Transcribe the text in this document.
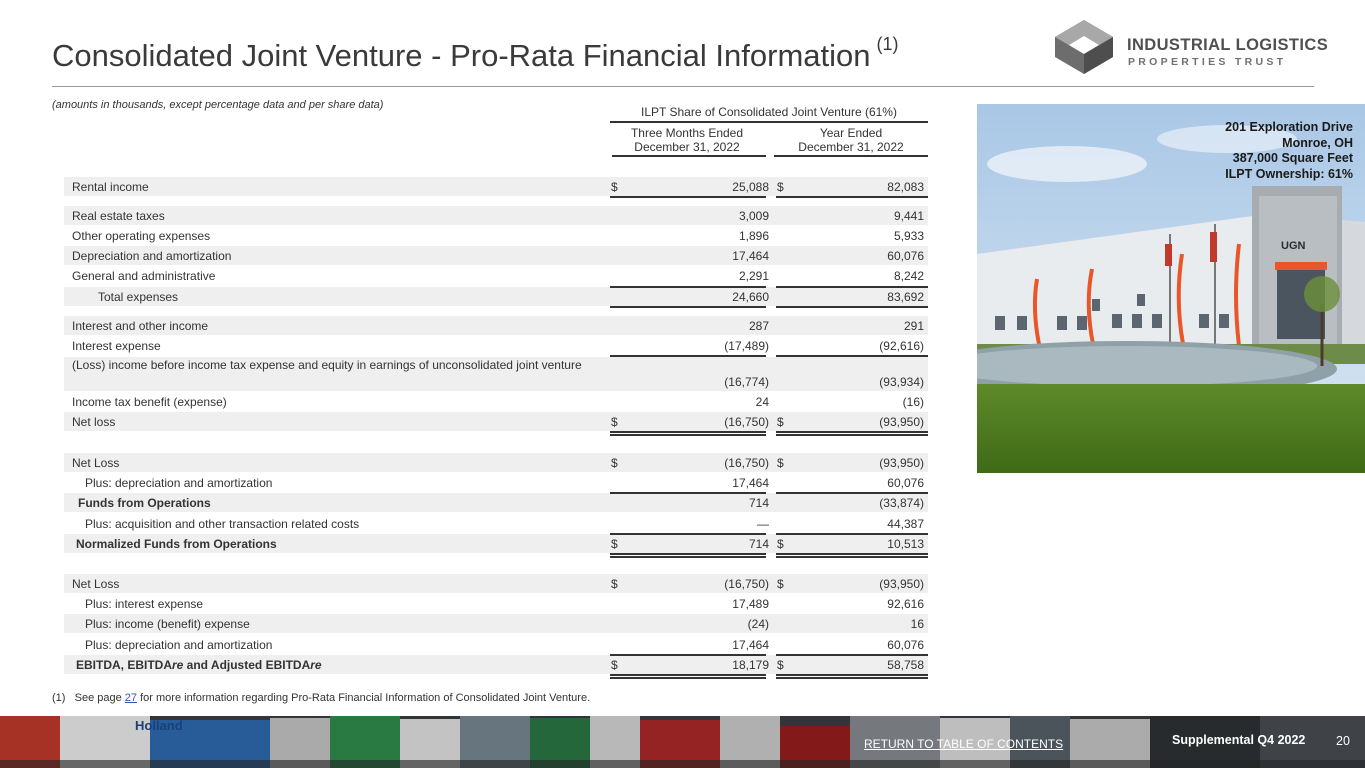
Consolidated Joint Venture - Pro-Rata Financial Information $^{(1)}$	INDUSTRIAL LOGISTICS
PROPERTIES TRUST
(amounts in thousands, except percentage data and per share data)	ILPT Share of Consolidated Joint Venture (61%)
Three Months Ended
December 31, 2022
Year Ended
December 31, 2022
Rental income	$	25,088 $	82,083
Real estate taxes	3,009	9,441
Other operating expenses	1,896	5,933
Depreciation and amortization	17,464	60,076
General and administrative	2,291	8,242
Total expenses	24,660	83,692
Interest and other income	287	291
Interest expense	(17,489)	(92,616)
(Loss) income before income tax expense and equity in earnings of unconsolidated joint venture
(16,774)	(93,934)
Income tax benefit (expense)	24	(16)
Net loss	$	(16,750) $	(93,950)
Net Loss	$	(16,750) $	(93,950)
Plus: depreciation and amortization	17,464	60,076
Funds from Operations	714	(33,874)
Plus: acquisition and other transaction related costs	—	44,387
Normalized Funds from Operations	$	714 $	10,513
Net Loss	$	(16,750) $	(93,950)
Plus: interest expense	17,489	92,616
Plus: income (benefit) expense	(24)	16
Plus: depreciation and amortization	17,464	60,076
EBITDA, EBITDAre and Adjusted EBITDAre	$	18,179 $	58,758
UGN
201 Exploration Drive
Monroe, OH
387,000 Square Feet
ILPT Ownership: 61%
(1) See page 27 for more information regarding Pro-Rata Financial Information of Consolidated Joint Venture.
Holland
RETURN TO TABLE OF CONTENTS	Supplemental Q4 2022 20
